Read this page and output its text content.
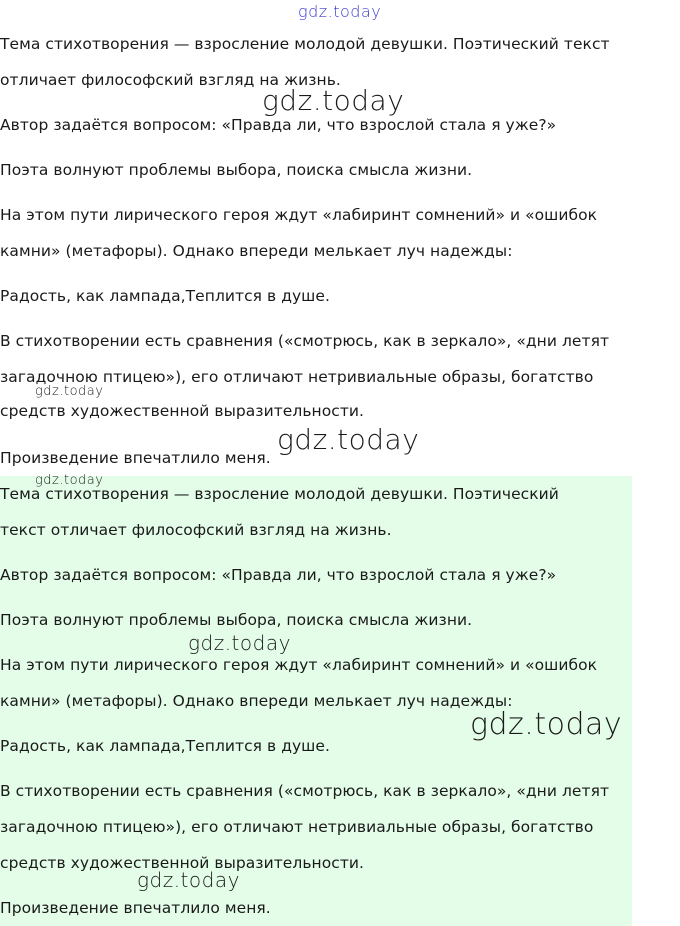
Тема стихотворения — взросление молодой девушки. Поэтический текст
отличает философский взгляд на жизнь.

Автор задаётся вопросом: «Правда ли, что взрослой стала я уже?»

Поэта волнуют проблемы выбора, поиска смысла жизни.

На этом пути лирического героя ждут «лабиринт сомнений» и «ошибок
камни» (метафоры). Однако впереди мелькает луч надежды:

Радость, как лампада,Теплится в душе.

В стихотворении есть сравнения («смотрюсь, как в зеркало», «дни летят
загадочною птицею»), его отличают нетривиальные образы, богатство
средств художественной выразительности.

Произведение впечатлило меня.

Тема стихотворения — взросление молодой девушки. Поэтический
текст отличает философский взгляд на жизнь.

Автор задаётся вопросом: «Правда ли, что взрослой стала я уже?»

Поэта волнуют проблемы выбора, поиска смысла жизни.

На этом пути лирического героя ждут «лабиринт сомнений» и «ошибок
камни» (метафоры). Однако впереди мелькает луч надежды:

Радость, как лампада,Теплится в душе.

В стихотворении есть сравнения («смотрюсь, как в зеркало», «дни летят
загадочною птицею»), его отличают нетривиальные образы, богатство
средств художественной выразительности.

Произведение впечатлило меня.

gdz.today
gdz.today
gdz.today
gdz.today
gdz.today
gdz.today
gdz.today
gdz.today
